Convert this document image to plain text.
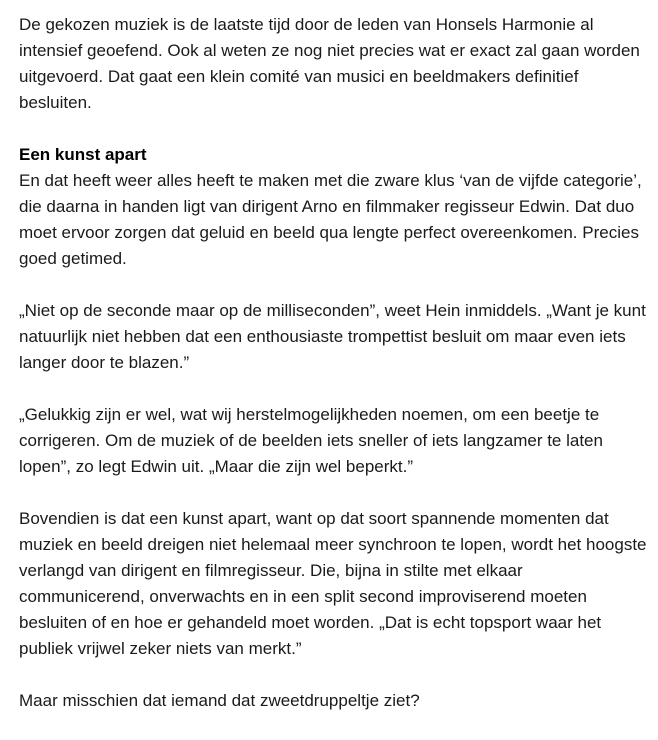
De gekozen muziek is de laatste tijd door de leden van Honsels Harmonie al intensief geoefend. Ook al weten ze nog niet precies wat er exact zal gaan worden uitgevoerd. Dat gaat een klein comité van musici en beeldmakers definitief besluiten.

Een kunst apart

En dat heeft weer alles heeft te maken met die zware klus ‘van de vijfde categorie’, die daarna in handen ligt van dirigent Arno en filmmaker regisseur Edwin. Dat duo moet ervoor zorgen dat geluid en beeld qua lengte perfect overeenkomen. Precies goed getimed.

„Niet op de seconde maar op de milliseconden”, weet Hein inmiddels. „Want je kunt natuurlijk niet hebben dat een enthousiaste trompettist besluit om maar even iets langer door te blazen.”

„Gelukkig zijn er wel, wat wij herstelmogelijkheden noemen, om een beetje te corrigeren. Om de muziek of de beelden iets sneller of iets langzamer te laten lopen”, zo legt Edwin uit. „Maar die zijn wel beperkt.”

Bovendien is dat een kunst apart, want op dat soort spannende momenten dat muziek en beeld dreigen niet helemaal meer synchroon te lopen, wordt het hoogste verlangd van dirigent en filmregisseur. Die, bijna in stilte met elkaar communicerend, onverwachts en in een split second improviserend moeten besluiten of en hoe er gehandeld moet worden. „Dat is echt topsport waar het publiek vrijwel zeker niets van merkt.”

Maar misschien dat iemand dat zweetdruppeltje ziet?
